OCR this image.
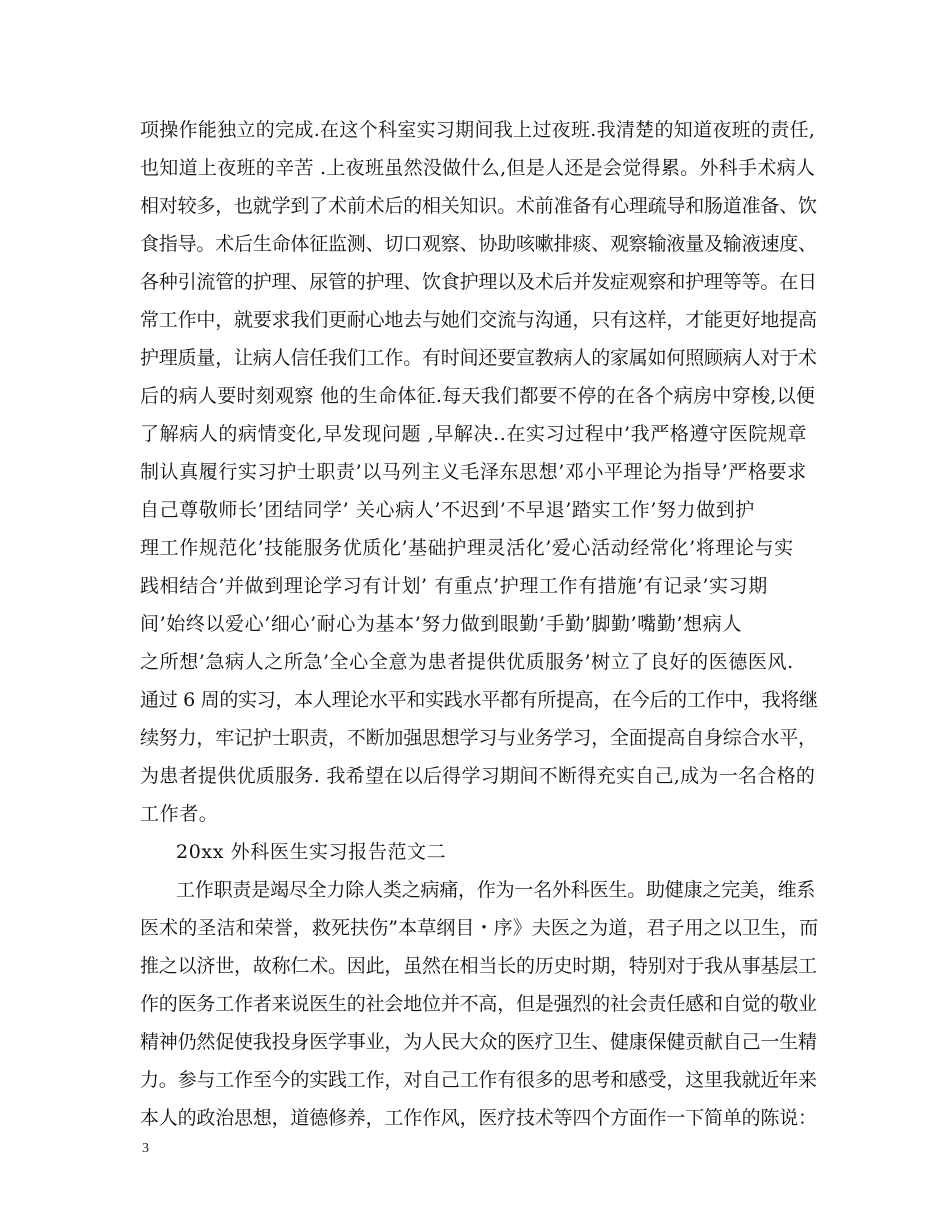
项操作能独立的完成.在这个科室实习期间我上过夜班.我清楚的知道夜班的责任,
也知道上夜班的辛苦 .上夜班虽然没做什么,但是人还是会觉得累。外科手术病人
相对较多，也就学到了术前术后的相关知识。术前准备有心理疏导和肠道准备、饮
食指导。术后生命体征监测、切口观察、协助咳嗽排痰、观察输液量及输液速度、
各种引流管的护理、尿管的护理、饮食护理以及术后并发症观察和护理等等。在日
常工作中，就要求我们更耐心地去与她们交流与沟通，只有这样，才能更好地提高
护理质量，让病人信任我们工作。有时间还要宣教病人的家属如何照顾病人对于术
后的病人要时刻观察 他的生命体征.每天我们都要不停的在各个病房中穿梭,以便
了解病人的病情变化,早发现问题 ,早解决..在实习过程中’我严格遵守医院规章
制认真履行实习护士职责’以马列主义毛泽东思想’邓小平理论为指导’严格要求
自己尊敬师长’团结同学’ 关心病人’不迟到’不早退’踏实工作’努力做到护
理工作规范化’技能服务优质化’基础护理灵活化’爱心活动经常化’将理论与实
践相结合’并做到理论学习有计划’ 有重点’护理工作有措施’有记录’实习期
间’始终以爱心’细心’耐心为基本’努力做到眼勤’手勤’脚勤’嘴勤’想病人
之所想’急病人之所急’全心全意为患者提供优质服务’树立了良好的医德医风.
通过 6 周的实习，本人理论水平和实践水平都有所提高，在今后的工作中，我将继
续努力，牢记护士职责，不断加强思想学习与业务学习，全面提高自身综合水平，
为患者提供优质服务. 我希望在以后得学习期间不断得充实自己,成为一名合格的
工作者。
20xx 外科医生实习报告范文二
工作职责是竭尽全力除人类之病痛，作为一名外科医生。助健康之完美，维系
医术的圣洁和荣誉，救死扶伤”本草纲目・序》夫医之为道，君子用之以卫生，而
推之以济世，故称仁术。因此，虽然在相当长的历史时期，特别对于我从事基层工
作的医务工作者来说医生的社会地位并不高，但是强烈的社会责任感和自觉的敬业
精神仍然促使我投身医学事业，为人民大众的医疗卫生、健康保健贡献自己一生精
力。参与工作至今的实践工作，对自己工作有很多的思考和感受，这里我就近年来
本人的政治思想，道德修养，工作作风，医疗技术等四个方面作一下简单的陈说：
3
